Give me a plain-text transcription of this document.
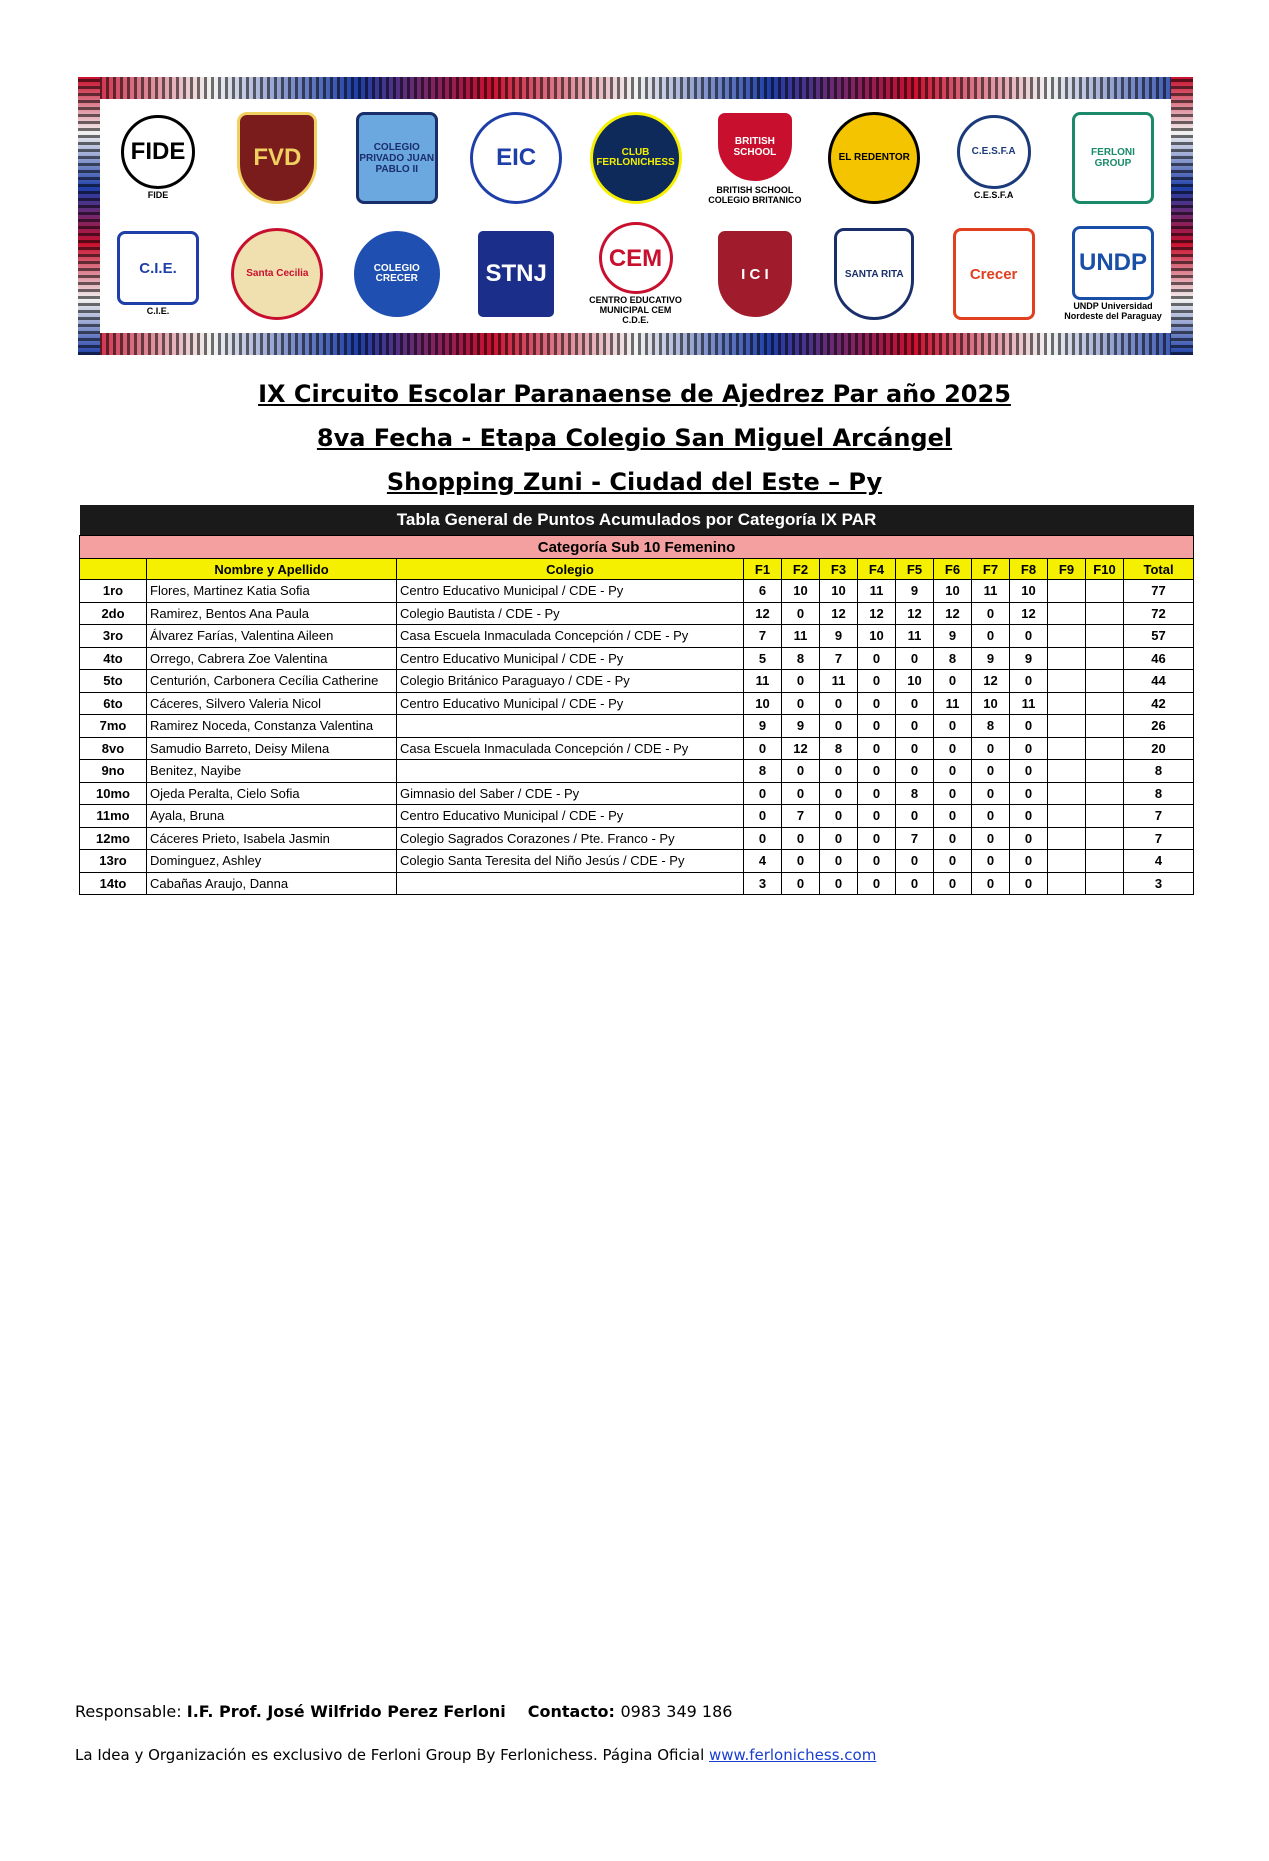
FIDE
FIDE
FVD	COLEGIO PRIVADO JUAN PABLO II	EIC	CLUB FERLONICHESS
BRITISH SCHOOL
BRITISH SCHOOL COLEGIO BRITANICO
EL REDENTOR
C.E.S.F.A
C.E.S.F.A
FERLONI GROUP
C.I.E.
C.I.E.
Santa Cecilia	COLEGIO CRECER	STNJ
CEM
CENTRO EDUCATIVO MUNICIPAL CEM C.D.E.
I C I	SANTA RITA	Crecer	UNDP
UNDP Universidad Nordeste del Paraguay
IX Circuito Escolar Paranaense de Ajedrez Par año 2025
8va Fecha - Etapa Colegio San Miguel Arcángel
Shopping Zuni - Ciudad del Este – Py
Tabla General de Puntos Acumulados por Categoría IX PAR													
Categoría Sub 10 Femenino													
	Nombre y Apellido	Colegio	F1	F2	F3	F4	F5	F6	F7	F8	F9	F10	Total
1ro	Flores, Martinez Katia Sofia	Centro Educativo Municipal / CDE - Py	6	10	10	11	9	10	11	10			77
2do	Ramirez, Bentos Ana Paula	Colegio Bautista / CDE - Py	12	0	12	12	12	12	0	12			72
3ro	Álvarez Farías, Valentina Aileen	Casa Escuela Inmaculada Concepción / CDE - Py	7	11	9	10	11	9	0	0			57
4to	Orrego, Cabrera Zoe Valentina	Centro Educativo Municipal / CDE - Py	5	8	7	0	0	8	9	9			46
5to	Centurión, Carbonera Cecília Catherine	Colegio Británico Paraguayo / CDE - Py	11	0	11	0	10	0	12	0			44
6to	Cáceres, Silvero Valeria Nicol	Centro Educativo Municipal / CDE - Py	10	0	0	0	0	11	10	11			42
7mo	Ramirez Noceda, Constanza Valentina		9	9	0	0	0	0	8	0			26
8vo	Samudio Barreto, Deisy Milena	Casa Escuela Inmaculada Concepción / CDE - Py	0	12	8	0	0	0	0	0			20
9no	Benitez, Nayibe		8	0	0	0	0	0	0	0			8
10mo	Ojeda Peralta, Cielo Sofia	Gimnasio del Saber / CDE - Py	0	0	0	0	8	0	0	0			8
11mo	Ayala, Bruna	Centro Educativo Municipal / CDE - Py	0	7	0	0	0	0	0	0			7
12mo	Cáceres Prieto, Isabela Jasmin	Colegio Sagrados Corazones / Pte. Franco - Py	0	0	0	0	7	0	0	0			7
13ro	Dominguez, Ashley	Colegio Santa Teresita del Niño Jesús / CDE - Py	4	0	0	0	0	0	0	0			4
14to	Cabañas Araujo, Danna		3	0	0	0	0	0	0	0			3
Responsable: I.F. Prof. José Wilfrido Perez Ferloni Contacto: 0983 349 186
La Idea y Organización es exclusivo de Ferloni Group By Ferlonichess. Página Oficial www.ferlonichess.com
